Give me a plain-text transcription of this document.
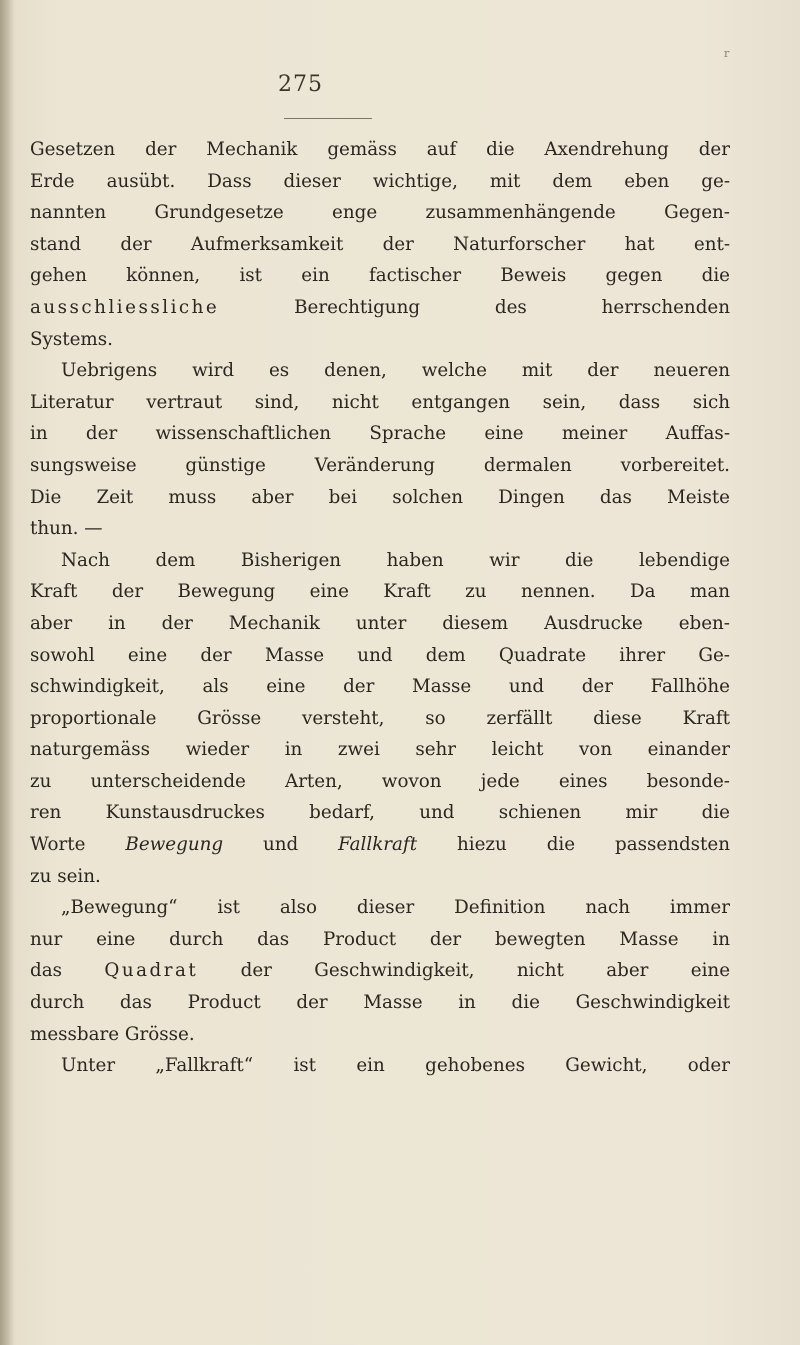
r
275
Gesetzen der Mechanik gemäss auf die Axendrehung der
Erde ausübt. Dass dieser wichtige, mit dem eben ge-
nannten Grundgesetze enge zusammenhängende Gegen-
stand der Aufmerksamkeit der Naturforscher hat ent-
gehen können, ist ein factischer Beweis gegen die
ausschliessliche Berechtigung des herrschenden
Systems.
Uebrigens wird es denen, welche mit der neueren
Literatur vertraut sind, nicht entgangen sein, dass sich
in der wissenschaftlichen Sprache eine meiner Auffas-
sungsweise günstige Veränderung dermalen vorbereitet.
Die Zeit muss aber bei solchen Dingen das Meiste
thun. —
Nach dem Bisherigen haben wir die lebendige
Kraft der Bewegung eine Kraft zu nennen. Da man
aber in der Mechanik unter diesem Ausdrucke eben-
sowohl eine der Masse und dem Quadrate ihrer Ge-
schwindigkeit, als eine der Masse und der Fallhöhe
proportionale Grösse versteht, so zerfällt diese Kraft
naturgemäss wieder in zwei sehr leicht von einander
zu unterscheidende Arten, wovon jede eines besonde-
ren Kunstausdruckes bedarf, und schienen mir die
Worte Bewegung und Fallkraft hiezu die passendsten
zu sein.
„Bewegung“ ist also dieser Definition nach immer
nur eine durch das Product der bewegten Masse in
das Quadrat der Geschwindigkeit, nicht aber eine
durch das Product der Masse in die Geschwindigkeit
messbare Grösse.
Unter „Fallkraft“ ist ein gehobenes Gewicht, oder
